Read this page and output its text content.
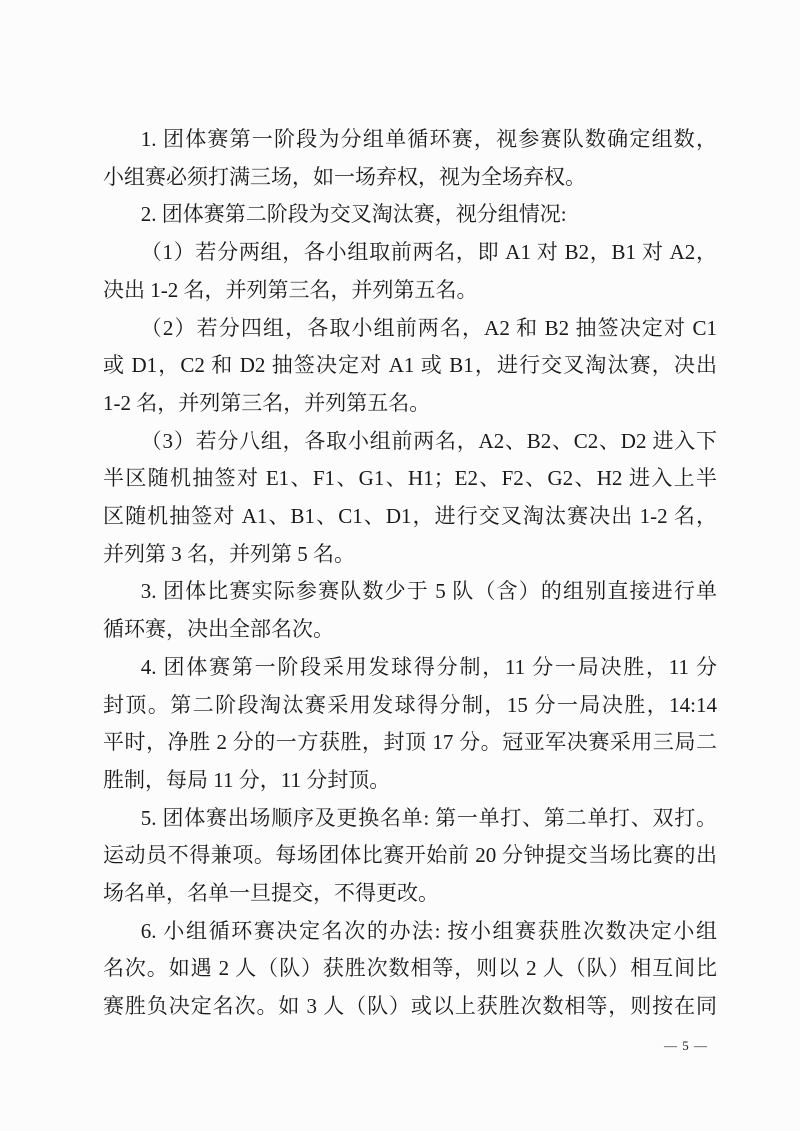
1. 团体赛第一阶段为分组单循环赛，视参赛队数确定组数，
小组赛必须打满三场，如一场弃权，视为全场弃权。
2. 团体赛第二阶段为交叉淘汰赛，视分组情况:
（1）若分两组，各小组取前两名，即 A1 对 B2，B1 对 A2，
决出 1-2 名，并列第三名，并列第五名。
（2）若分四组，各取小组前两名，A2 和 B2 抽签决定对 C1
或 D1，C2 和 D2 抽签决定对 A1 或 B1，进行交叉淘汰赛，决出
1-2 名，并列第三名，并列第五名。
（3）若分八组，各取小组前两名，A2、B2、C2、D2 进入下
半区随机抽签对 E1、F1、G1、H1；E2、F2、G2、H2 进入上半
区随机抽签对 A1、B1、C1、D1，进行交叉淘汰赛决出 1-2 名，
并列第 3 名，并列第 5 名。
3. 团体比赛实际参赛队数少于 5 队（含）的组别直接进行单
循环赛，决出全部名次。
4. 团体赛第一阶段采用发球得分制，11 分一局决胜，11 分
封顶。第二阶段淘汰赛采用发球得分制，15 分一局决胜，14:14
平时，净胜 2 分的一方获胜，封顶 17 分。冠亚军决赛采用三局二
胜制，每局 11 分，11 分封顶。
5. 团体赛出场顺序及更换名单: 第一单打、第二单打、双打。
运动员不得兼项。每场团体比赛开始前 20 分钟提交当场比赛的出
场名单，名单一旦提交，不得更改。
6. 小组循环赛决定名次的办法: 按小组赛获胜次数决定小组
名次。如遇 2 人（队）获胜次数相等，则以 2 人（队）相互间比
赛胜负决定名次。如 3 人（队）或以上获胜次数相等，则按在同
— 5 —
